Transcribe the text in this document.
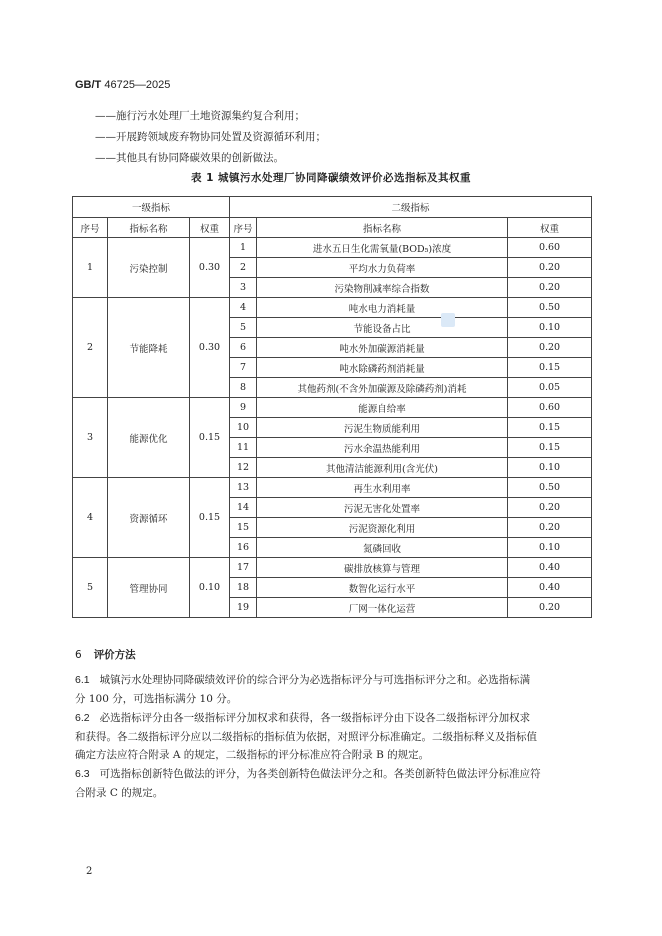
GB/T 46725—2025
——施行污水处理厂土地资源集约复合利用；
——开展跨领域废弃物协同处置及资源循环利用；
——其他具有协同降碳效果的创新做法。
表 1 城镇污水处理厂协同降碳绩效评价必选指标及其权重
一级指标			二级指标		
序号	指标名称	权重	序号	指标名称	权重
1	污染控制	0.30	1	进水五日生化需氧量(BOD₅)浓度	0.60
			2	平均水力负荷率	0.20
			3	污染物削减率综合指数	0.20
2	节能降耗	0.30	4	吨水电力消耗量	0.50
			5	节能设备占比	0.10
			6	吨水外加碳源消耗量	0.20
			7	吨水除磷药剂消耗量	0.15
			8	其他药剂(不含外加碳源及除磷药剂)消耗	0.05
3	能源优化	0.15	9	能源自给率	0.60
			10	污泥生物质能利用	0.15
			11	污水余温热能利用	0.15
			12	其他清洁能源利用(含光伏)	0.10
4	资源循环	0.15	13	再生水利用率	0.50
			14	污泥无害化处置率	0.20
			15	污泥资源化利用	0.20
			16	氮磷回收	0.10
5	管理协同	0.10	17	碳排放核算与管理	0.40
			18	数智化运行水平	0.40
			19	厂网一体化运营	0.20
6 评价方法
6.1 城镇污水处理协同降碳绩效评价的综合评分为必选指标评分与可选指标评分之和。必选指标满
分 100 分，可选指标满分 10 分。
6.2 必选指标评分由各一级指标评分加权求和获得，各一级指标评分由下设各二级指标评分加权求
和获得。各二级指标评分应以二级指标的指标值为依据，对照评分标准确定。二级指标释义及指标值
确定方法应符合附录 A 的规定，二级指标的评分标准应符合附录 B 的规定。
6.3 可选指标创新特色做法的评分，为各类创新特色做法评分之和。各类创新特色做法评分标准应符
合附录 C 的规定。
2
